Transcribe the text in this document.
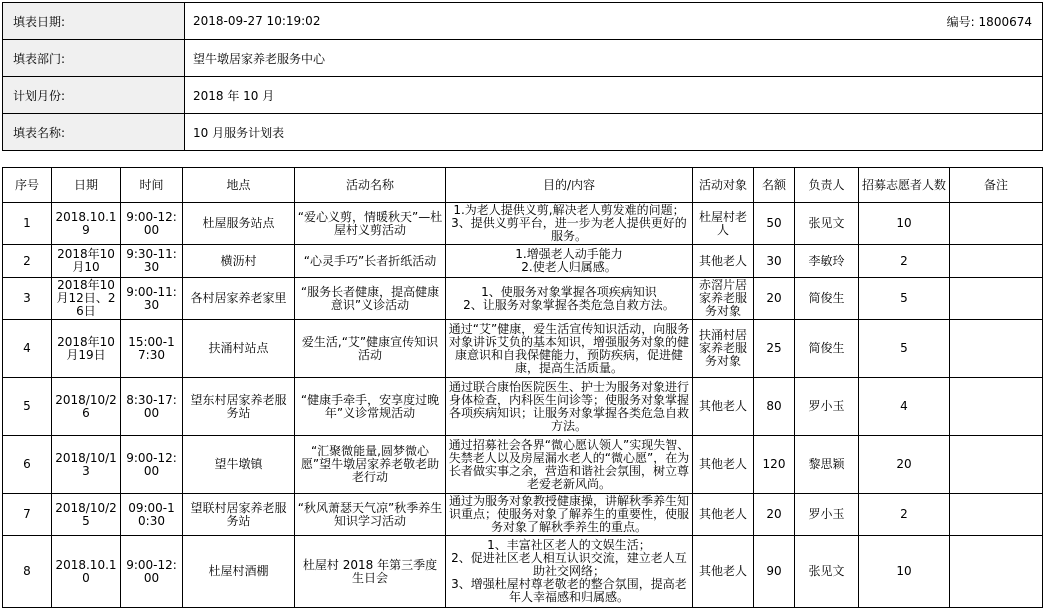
填表日期:	2018-09-27 10:19:02	编号: 1800674
填表部门:	望牛墩居家养老服务中心	
计划月份:	2018 年 10 月	
填表名称:	10 月服务计划表	
序号	日期	时间	地点	活动名称	目的/内容	活动对象	名额	负责人	招募志愿者人数	备注
1	2018.10.19	9:00-12:00	杜屋服务站点	“爱心义剪，情暖秋天”—杜屋村义剪活动	1.为老人提供义剪,解决老人剪发难的问题；3、提供义剪平台，进一步为老人提供更好的服务。	杜屋村老人	50	张见文	10	
2	2018年10月10	9:30-11:30	横沥村	“心灵手巧”长者折纸活动	1.增强老人动手能力
2.使老人归属感。	其他老人	30	李敏玲	2	
3	2018年10月12日、26日	9:00-11:30	各村居家养老家里	“服务长者健康，提高健康意识”义诊活动	1、使服务对象掌握各项疾病知识
2、让服务对象掌握各类危急自救方法。	赤滘片居家养老服务对象	20	简俊生	5	
4	2018年10月19日	15:00-17:30	扶涌村站点	爱生活,“艾”健康宣传知识活动	通过“艾”健康，爱生活宣传知识活动，向服务对象讲诉艾负的基本知识，增强服务对象的健康意识和自我保健能力，预防疾病，促进健康，提高生活质量。	扶涌村居家养老服务对象	25	简俊生	5	
5	2018/10/26	8:30-17:00	望东村居家养老服务站	“健康手牵手，安享度过晚年”义诊常规活动	通过联合康怡医院医生、护士为服务对象进行身体检查，内科医生问诊等；使服务对象掌握各项疾病知识；让服务对象掌握各类危急自救方法。	其他老人	80	罗小玉	4	
6	2018/10/13	9:00-12:00	望牛墩镇	“汇聚微能量,圆梦微心愿”望牛墩居家养老敬老助老行动	通过招募社会各界“微心愿认领人”实现失智、失禁老人以及房屋漏水老人的“微心愿”，在为长者做实事之余，营造和谐社会氛围，树立尊老爱老新风尚。	其他老人	120	黎思颖	20	
7	2018/10/25	09:00-10:30	望联村居家养老服务站	“秋风萧瑟天气凉”秋季养生知识学习活动	通过为服务对象教授健康操，讲解秋季养生知识重点；使服务对象了解养生的重要性，使服务对象了解秋季养生的重点。	其他老人	20	罗小玉	2	
8	2018.10.10	9:00-12:00	杜屋村酒棚	杜屋村 2018 年第三季度生日会	1、丰富社区老人的文娱生活；
2、促进社区老人相互认识交流，建立老人互助社交网络；
3、增强杜屋村尊老敬老的整合氛围，提高老年人幸福感和归属感。	其他老人	90	张见文	10	
